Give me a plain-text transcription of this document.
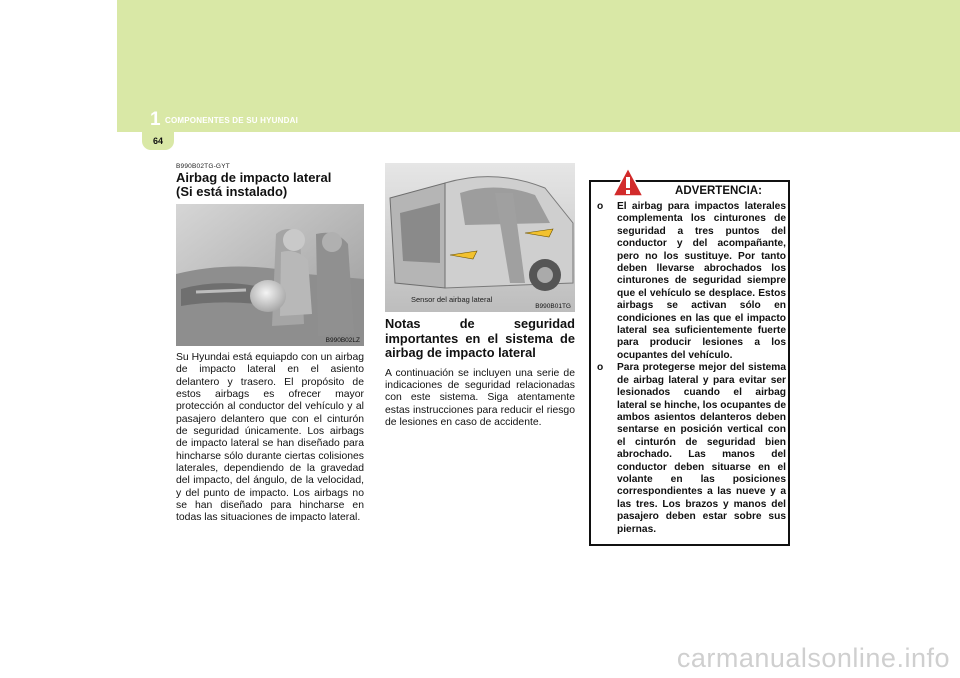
1 COMPONENTES DE SU HYUNDAI
64
B990B02TG-GYT
Airbag de impacto lateral
(Si está instalado)
B990B02LZ
Su Hyundai está equiapdo con un airbag de impacto lateral en el asiento delantero y trasero. El propósito de estos airbags es ofrecer mayor protección al conductor del vehículo y al pasajero delantero que con el cinturón de seguridad únicamente. Los airbags de impacto lateral se han diseñado para hincharse sólo durante ciertas colisiones laterales, dependiendo de la gravedad del impacto, del ángulo, de la velocidad, y del punto de impacto. Los airbags no se han diseñado para hincharse en todas las situaciones de impacto lateral.
Sensor del airbag lateral
B990B01TG
Notas de seguridad importantes en el sistema de airbag de impacto lateral
A continuación se incluyen una serie de indicaciones de seguridad relacionadas con este sistema. Siga atentamente estas instrucciones para reducir el riesgo de lesiones en caso de accidente.
ADVERTENCIA:
o El airbag para impactos laterales complementa los cinturones de seguridad a tres puntos del conductor y del acompañante, pero no los sustituye. Por tanto deben llevarse abrochados los cinturones de seguridad siempre que el vehículo se desplace. Estos airbags se activan sólo en condiciones en las que el impacto lateral sea suficientemente fuerte para producir lesiones a los ocupantes del vehículo.
o Para protegerse mejor del sistema de airbag lateral y para evitar ser lesionados cuando el airbag lateral se hinche, los ocupantes de ambos asientos delanteros deben sentarse en posición vertical con el cinturón de seguridad bien abrochado. Las manos del conductor deben situarse en el volante en las posiciones correspondientes a las nueve y a las tres. Los brazos y manos del pasajero deben estar sobre sus piernas.
carmanualsonline.info
